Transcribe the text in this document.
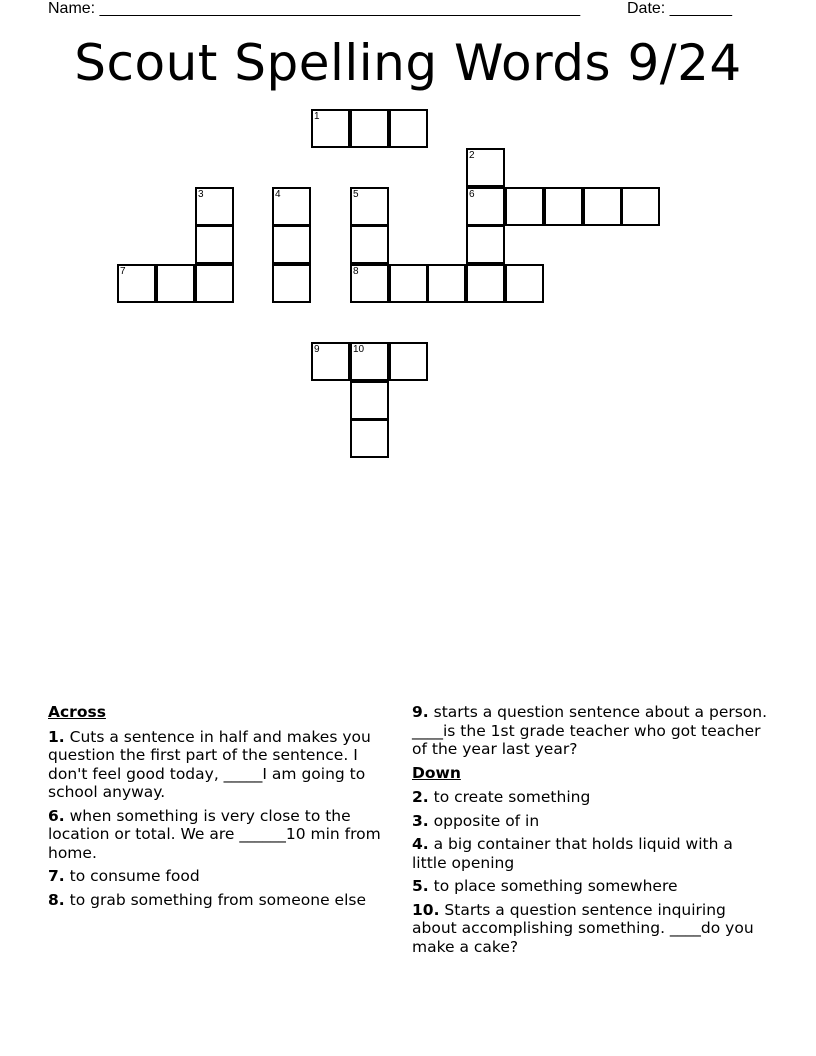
Name: ______________________________________________________	Date: _______
Scout Spelling Words 9/24
1
2
3	4	5	6
7	8
9	10
Across
1. Cuts a sentence in half and makes you question the first part of the sentence. I don't feel good today, _____I am going to school anyway.
6. when something is very close to the location or total. We are ______10 min from home.
7. to consume food
8. to grab something from someone else
9. starts a question sentence about a person. ____is the 1st grade teacher who got teacher of the year last year?
Down
2. to create something
3. opposite of in
4. a big container that holds liquid with a little opening
5. to place something somewhere
10. Starts a question sentence inquiring about accomplishing something. ____do you make a cake?
